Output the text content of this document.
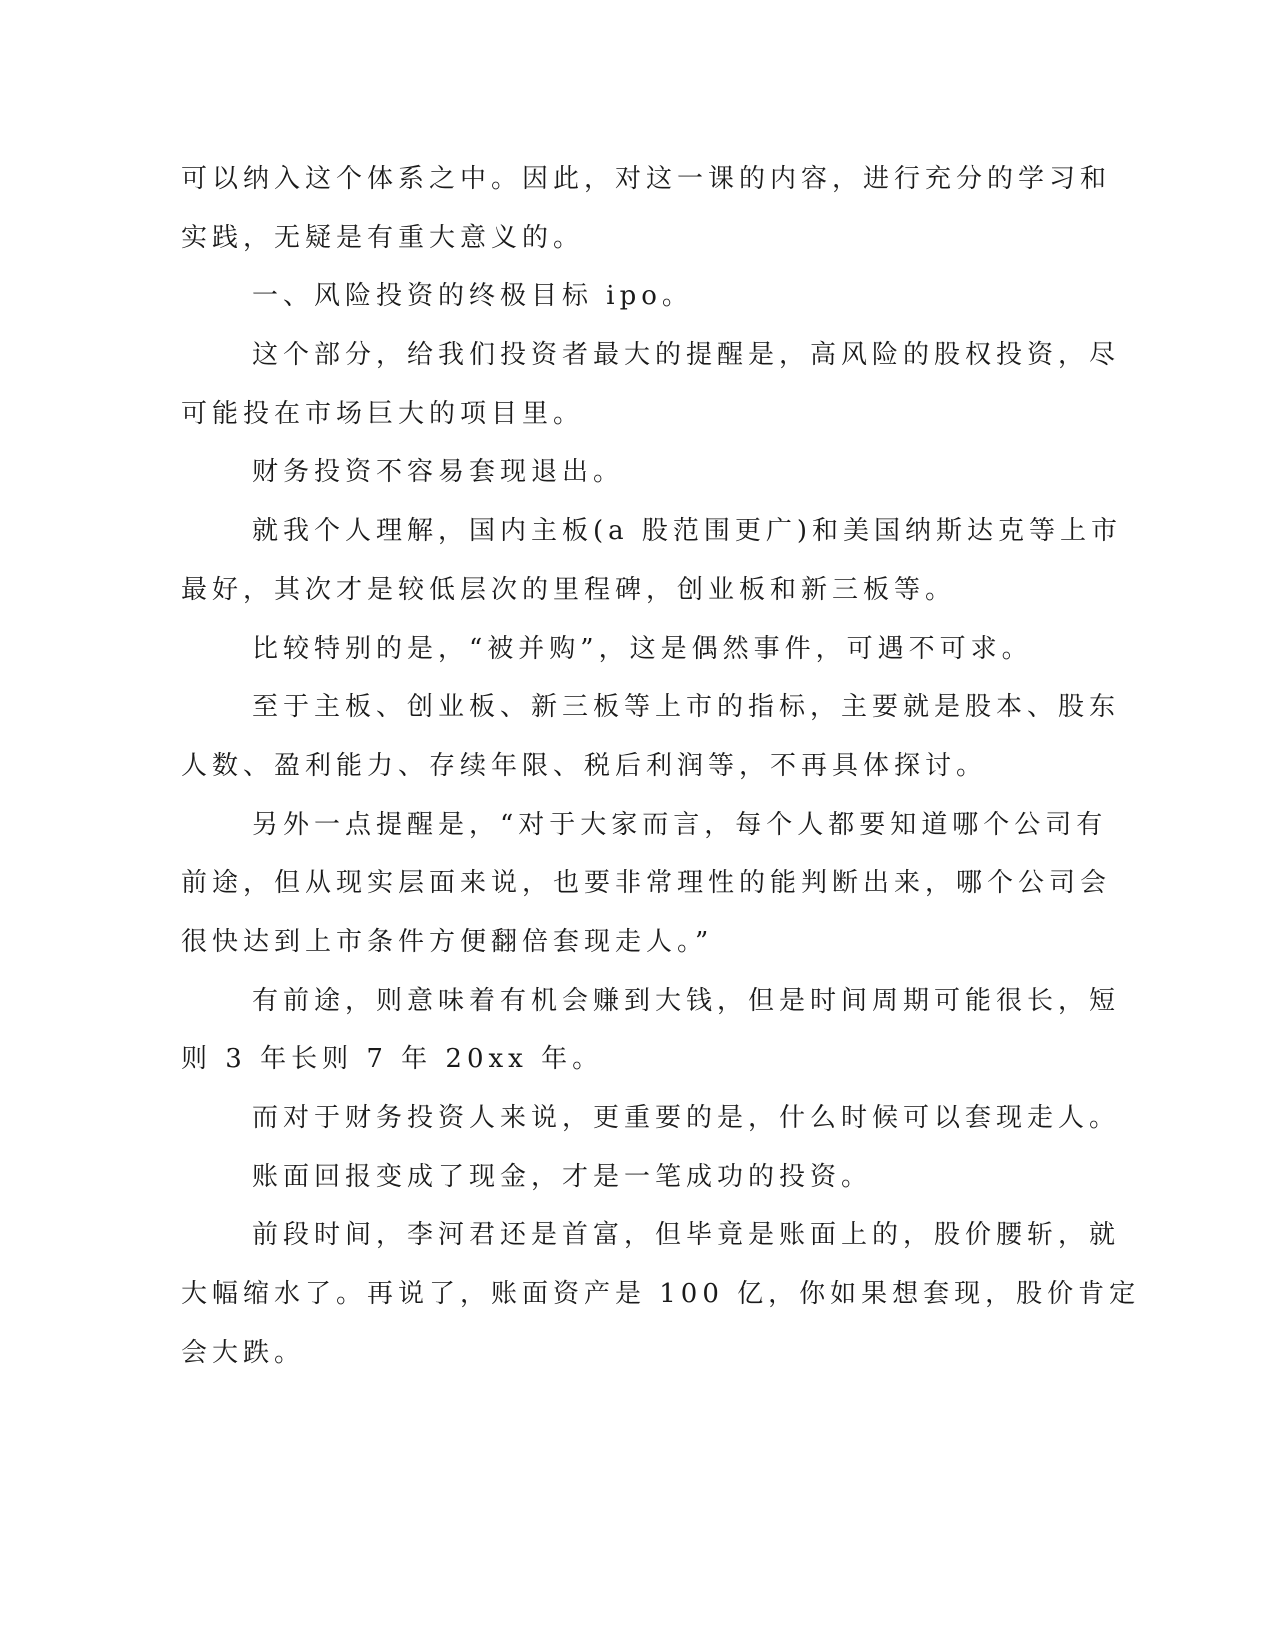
可以纳入这个体系之中。因此，对这一课的内容，进行充分的学习和
实践，无疑是有重大意义的。
一、风险投资的终极目标 ipo。
这个部分，给我们投资者最大的提醒是，高风险的股权投资，尽
可能投在市场巨大的项目里。
财务投资不容易套现退出。
就我个人理解，国内主板(a 股范围更广)和美国纳斯达克等上市
最好，其次才是较低层次的里程碑，创业板和新三板等。
比较特别的是，“被并购”，这是偶然事件，可遇不可求。
至于主板、创业板、新三板等上市的指标，主要就是股本、股东
人数、盈利能力、存续年限、税后利润等，不再具体探讨。
另外一点提醒是，“对于大家而言，每个人都要知道哪个公司有
前途，但从现实层面来说，也要非常理性的能判断出来，哪个公司会
很快达到上市条件方便翻倍套现走人。”
有前途，则意味着有机会赚到大钱，但是时间周期可能很长，短
则 3 年长则 7 年 20xx 年。
而对于财务投资人来说，更重要的是，什么时候可以套现走人。
账面回报变成了现金，才是一笔成功的投资。
前段时间，李河君还是首富，但毕竟是账面上的，股价腰斩，就
大幅缩水了。再说了，账面资产是 100 亿，你如果想套现，股价肯定
会大跌。
